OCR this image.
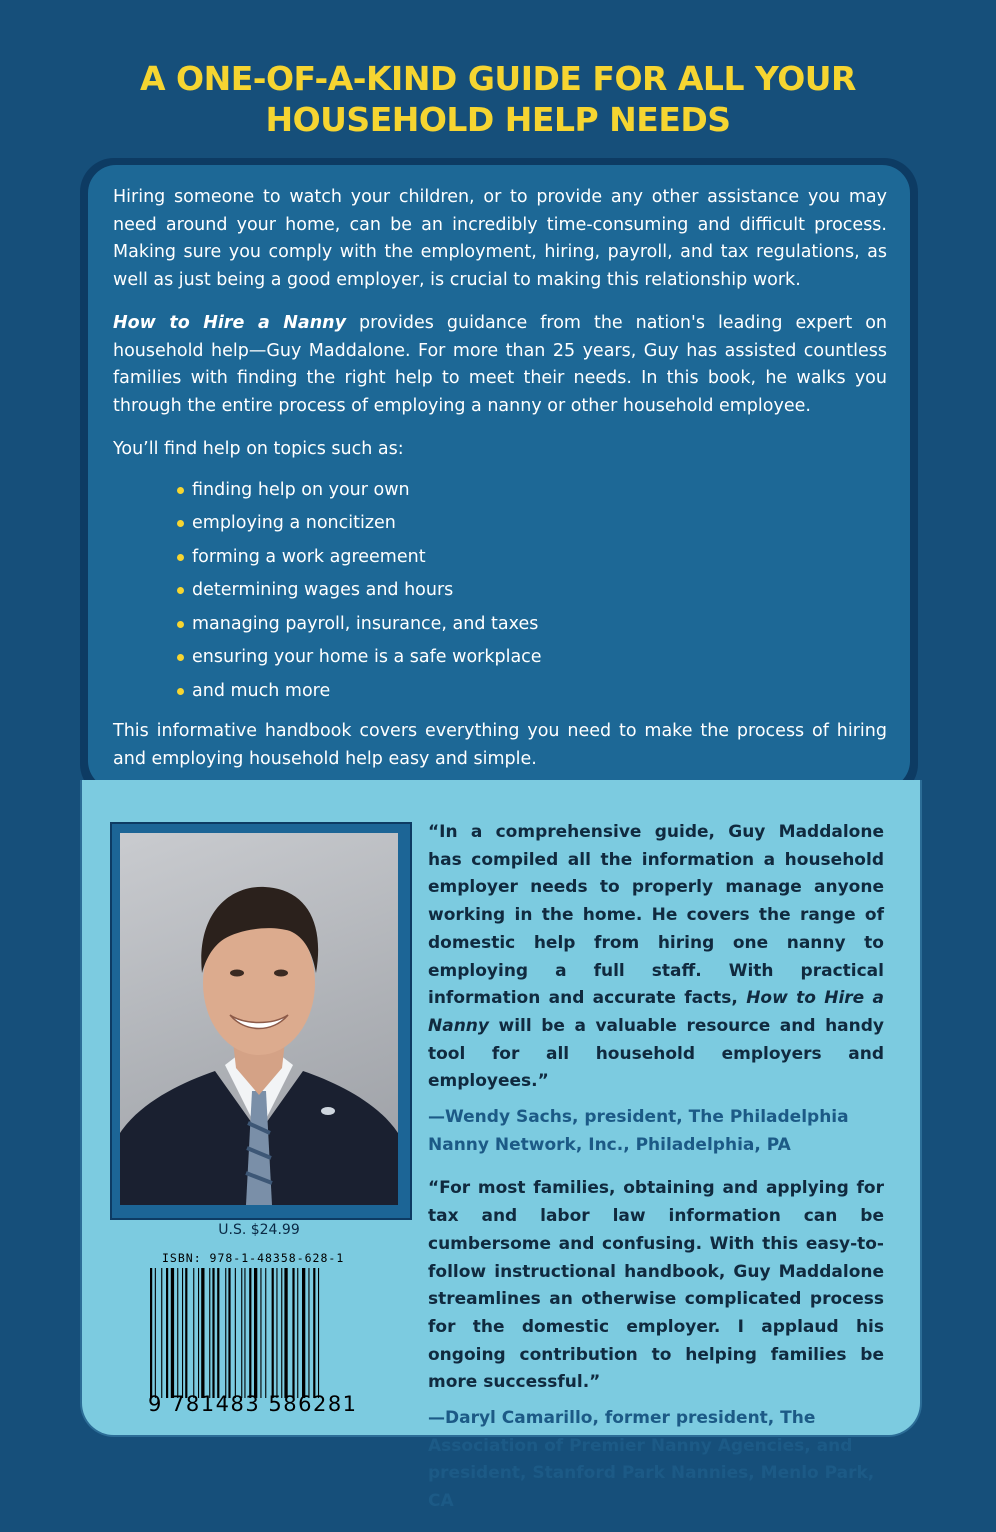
A ONE-OF-A-KIND GUIDE FOR ALL YOUR
HOUSEHOLD HELP NEEDS

Hiring someone to watch your children, or to provide any other assistance you may need around your home, can be an incredibly time-consuming and difficult process. Making sure you comply with the employment, hiring, payroll, and tax regulations, as well as just being a good employer, is crucial to making this relationship work.

How to Hire a Nanny provides guidance from the nation's leading expert on household help—Guy Maddalone. For more than 25 years, Guy has assisted countless families with finding the right help to meet their needs. In this book, he walks you through the entire process of employing a nanny or other household employee.

You’ll find help on topics such as:

finding help on your own
employing a noncitizen
forming a work agreement
determining wages and hours
managing payroll, insurance, and taxes
ensuring your home is a safe workplace
and much more

This informative handbook covers everything you need to make the process of hiring and employing household help easy and simple.

U.S. $24.99
ISBN: 978-1-48358-628-1
9 781483 586281

“In a comprehensive guide, Guy Maddalone has compiled all the information a household employer needs to properly manage anyone working in the home. He covers the range of domestic help from hiring one nanny to employing a full staff. With practical information and accurate facts, How to Hire a Nanny will be a valuable resource and handy tool for all household employers and employees.”

—Wendy Sachs, president, The Philadelphia Nanny Network, Inc., Philadelphia, PA

“For most families, obtaining and applying for tax and labor law information can be cumbersome and confusing. With this easy-to-follow instructional handbook, Guy Maddalone streamlines an otherwise complicated process for the domestic employer. I applaud his ongoing contribution to helping families be more successful.”

—Daryl Camarillo, former president, The Association of Premier Nanny Agencies, and president, Stanford Park Nannies, Menlo Park, CA
